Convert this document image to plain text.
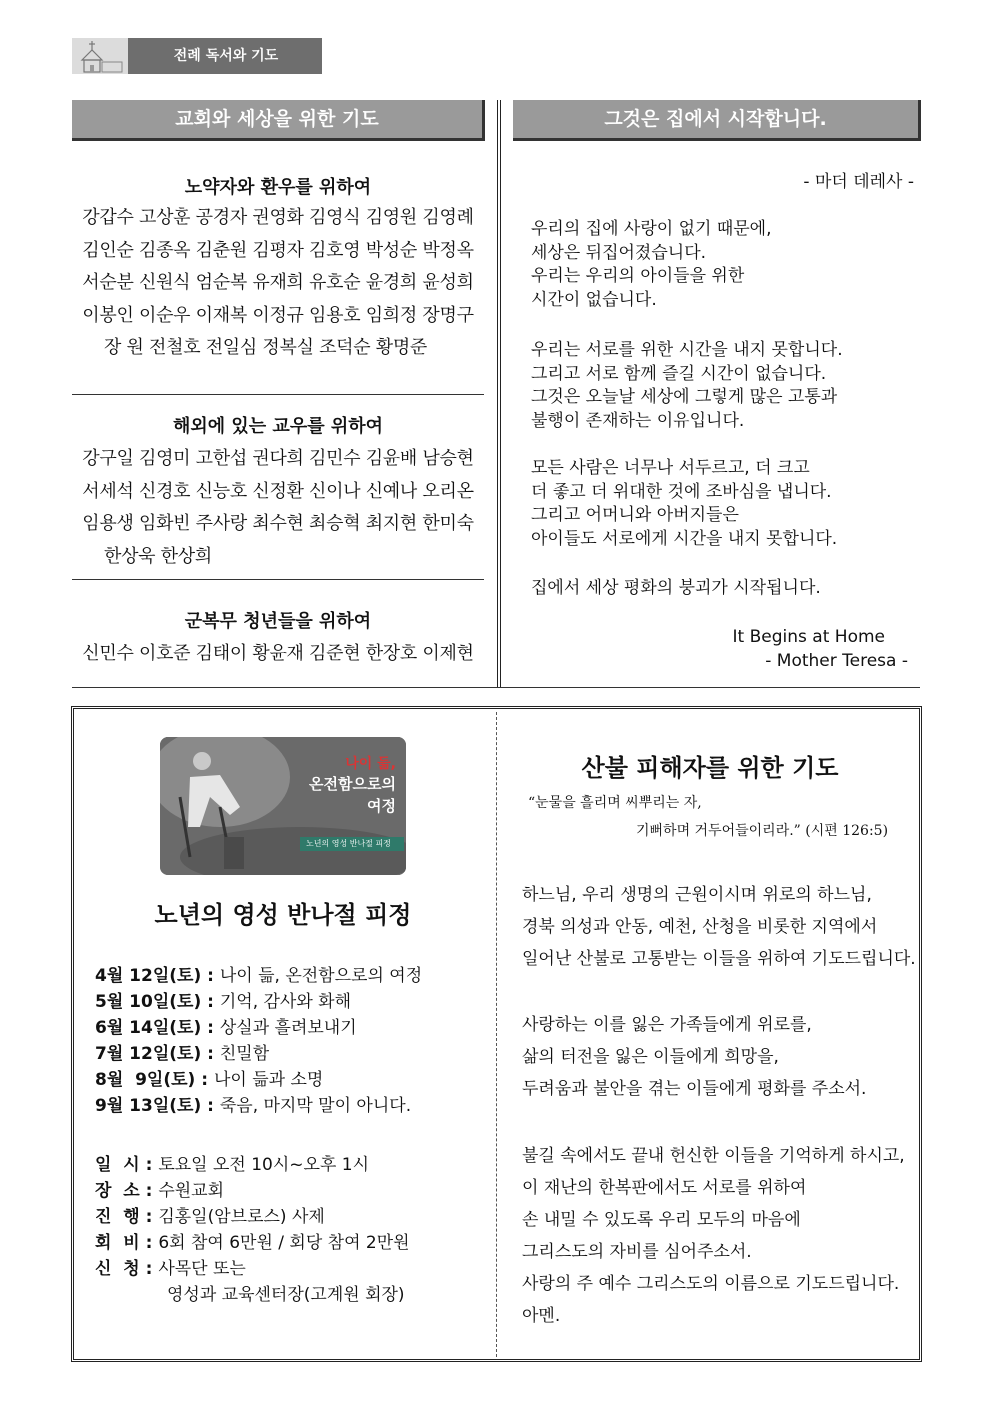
전례 독서와 기도
교회와 세상을 위한 기도	그것은 집에서 시작합니다.
노약자와 환우를 위하여
강갑수 고상훈 공경자 권영화 김영식 김영원 김영례
김인순 김종옥 김춘원 김평자 김호영 박성순 박정옥
서순분 신원식 엄순복 유재희 유호순 윤경희 윤성희
이봉인 이순우 이재복 이정규 임용호 임희정 장명구
장 원 전철호 전일심 정복실 조덕순 황명준
해외에 있는 교우를 위하여
강구일 김영미 고한섭 권다희 김민수 김윤배 남승현
서세석 신경호 신능호 신정환 신이나 신예나 오리온
임용생 임화빈 주사랑 최수현 최승혁 최지현 한미숙
한상욱 한상희
군복무 청년들을 위하여
신민수 이호준 김태이 황윤재 김준현 한장호 이제현
- 마더 데레사 -
우리의 집에 사랑이 없기 때문에,
세상은 뒤집어졌습니다.
우리는 우리의 아이들을 위한
시간이 없습니다.
우리는 서로를 위한 시간을 내지 못합니다.
그리고 서로 함께 즐길 시간이 없습니다.
그것은 오늘날 세상에 그렇게 많은 고통과
불행이 존재하는 이유입니다.
모든 사람은 너무나 서두르고, 더 크고
더 좋고 더 위대한 것에 조바심을 냅니다.
그리고 어머니와 아버지들은
아이들도 서로에게 시간을 내지 못합니다.
집에서 세상 평화의 붕괴가 시작됩니다.
It Begins at Home
- Mother Teresa -
나이 듦,
온전함으로의
여정
노년의 영성 반나절 피정
노년의 영성 반나절 피정
4월 12일(토) : 나이 듦, 온전함으로의 여정
5월 10일(토) : 기억, 감사와 화해
6월 14일(토) : 상실과 흘려보내기
7월 12일(토) : 친밀함
8월  9일(토) : 나이 듦과 소명
9월 13일(토) : 죽음, 마지막 말이 아니다.
일  시 : 토요일 오전 10시~오후 1시
장  소 : 수원교회
진  행 : 김홍일(암브로스) 사제
회  비 : 6회 참여 6만원 / 회당 참여 2만원
신  청 : 사목단 또는
영성과 교육센터장(고계원 회장)
산불 피해자를 위한 기도
“눈물을 흘리며 씨뿌리는 자,
기뻐하며 거두어들이리라.” (시편 126:5)
하느님, 우리 생명의 근원이시며 위로의 하느님,
경북 의성과 안동, 예천, 산청을 비롯한 지역에서
일어난 산불로 고통받는 이들을 위하여 기도드립니다.
사랑하는 이를 잃은 가족들에게 위로를,
삶의 터전을 잃은 이들에게 희망을,
두려움과 불안을 겪는 이들에게 평화를 주소서.
불길 속에서도 끝내 헌신한 이들을 기억하게 하시고,
이 재난의 한복판에서도 서로를 위하여
손 내밀 수 있도록 우리 모두의 마음에
그리스도의 자비를 심어주소서.
사랑의 주 예수 그리스도의 이름으로 기도드립니다.
아멘.
